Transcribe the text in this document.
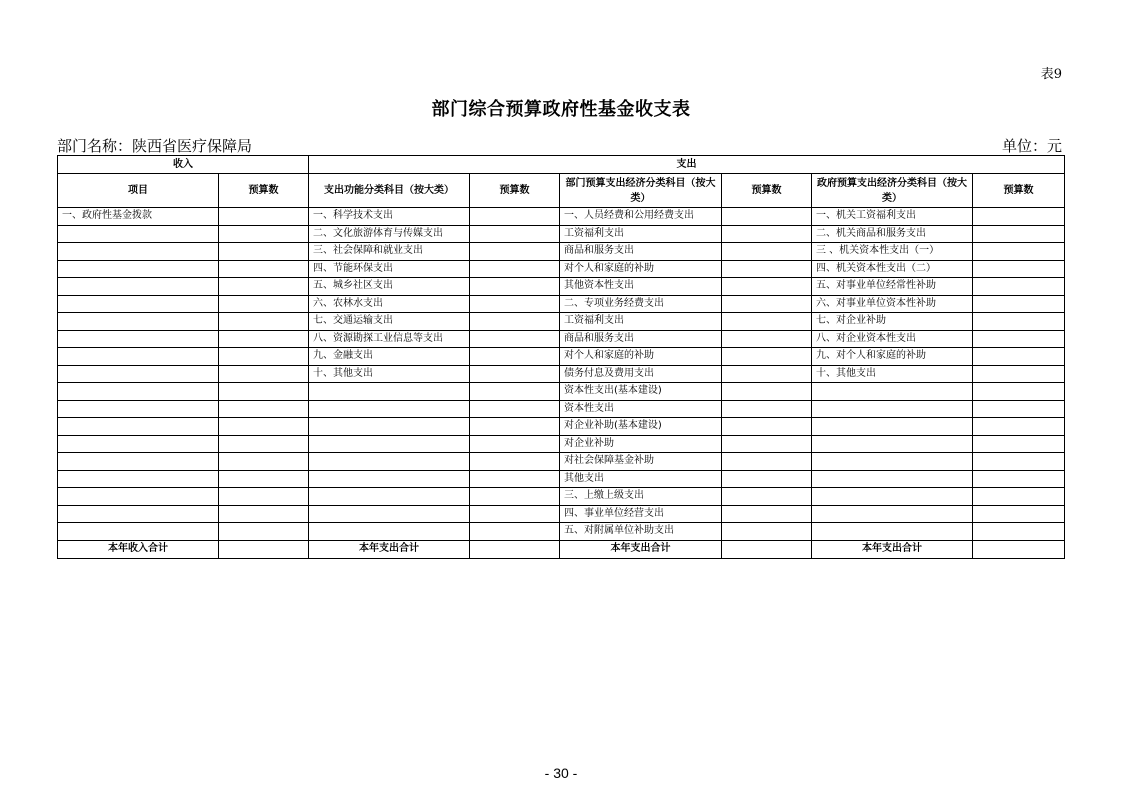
表9
部门综合预算政府性基金收支表
部门名称：陕西省医疗保障局	单位：元
收入		支出					
项目	预算数	支出功能分类科目（按大类）	预算数	部门预算支出经济分类科目（按大类）	预算数	政府预算支出经济分类科目（按大类）	预算数
一、政府性基金拨款		一、科学技术支出		一、人员经费和公用经费支出		一、机关工资福利支出	
		二、文化旅游体育与传媒支出		工资福利支出		二、机关商品和服务支出	
		三、社会保障和就业支出		商品和服务支出		三 、机关资本性支出（一）	
		四、节能环保支出		对个人和家庭的补助		四、机关资本性支出（二）	
		五、城乡社区支出		其他资本性支出		五、对事业单位经常性补助	
		六、农林水支出		二、专项业务经费支出		六、对事业单位资本性补助	
		七、交通运输支出		工资福利支出		七、对企业补助	
		八、资源勘探工业信息等支出		商品和服务支出		八、对企业资本性支出	
		九、金融支出		对个人和家庭的补助		九、对个人和家庭的补助	
		十、其他支出		债务付息及费用支出		十、其他支出	
				资本性支出(基本建设)			
				资本性支出			
				对企业补助(基本建设)			
				对企业补助			
				对社会保障基金补助			
				其他支出			
				三、上缴上级支出			
				四、事业单位经营支出			
				五、对附属单位补助支出			
本年收入合计		本年支出合计		本年支出合计		本年支出合计	
- 30 -
